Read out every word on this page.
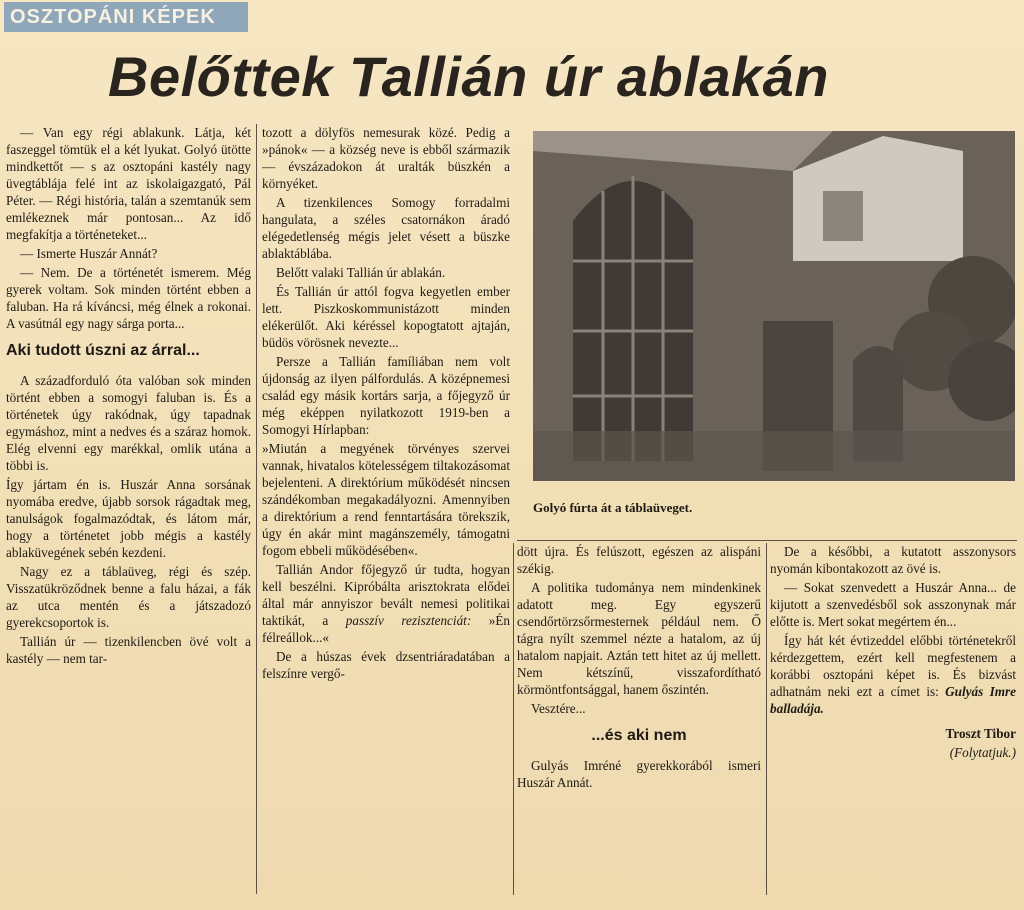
OSZTOPÁNI KÉPEK
Belőttek Tallián úr ablakán

— Van egy régi ablakunk. Látja, két faszeggel tömtük el a két lyukat. Golyó ütötte mindkettőt — s az osztopáni kastély nagy üvegtáblája felé int az iskolaigazgató, Pál Péter. — Régi história, talán a szemtanúk sem emlékeznek már pontosan... Az idő megfakítja a történeteket...

— Ismerte Huszár Annát?

— Nem. De a történetét ismerem. Még gyerek voltam. Sok minden történt ebben a faluban. Ha rá kíváncsi, még élnek a rokonai. A vasútnál egy nagy sárga porta...

Aki tudott úszni az árral...

A századforduló óta valóban sok minden történt ebben a somogyi faluban is. És a történetek úgy rakódnak, úgy tapadnak egymáshoz, mint a nedves és a száraz homok. Elég elvenni egy marékkal, omlik utána a többi is.

Így jártam én is. Huszár Anna sorsának nyomába eredve, újabb sorsok rágadtak meg, tanulságok fogalmazódtak, és látom már, hogy a történetet jobb mégis a kastély ablaküvegének sebén kezdeni.

Nagy ez a táblaüveg, régi és szép. Visszatükröződnek benne a falu házai, a fák az utca mentén és a játszadozó gyerekcsoportok is.

Tallián úr — tizenkilencben övé volt a kastély — nem tar-

tozott a dölyfös nemesurak közé. Pedig a »pánok« — a község neve is ebből származik — évszázadokon át uralták büszkén a környéket.

A tizenkilences Somogy forradalmi hangulata, a széles csatornákon áradó elégedetlenség mégis jelet vésett a büszke ablaktáblába.

Belőtt valaki Tallián úr ablakán.

És Tallián úr attól fogva kegyetlen ember lett. Piszkoskommunistázott minden elékerülőt. Aki kéréssel kopogtatott ajtaján, büdös vörösnek nevezte...

Persze a Tallián famíliában nem volt újdonság az ilyen pálfordulás. A középnemesi család egy másik kortárs sarja, a főjegyző úr még eképpen nyilatkozott 1919-ben a Somogyi Hírlapban:

»Miután a megyének törvényes szervei vannak, hivatalos kötelességem tiltakozásomat bejelenteni. A direktórium működését nincsen szándékomban megakadályozni. Amennyiben a direktórium a rend fenntartására törekszik, úgy én akár mint magánszemély, támogatni fogom ebbeli működésében«.

Tallián Andor főjegyző úr tudta, hogyan kell beszélni. Kipróbálta arisztokrata elődei által már annyiszor bevált nemesi politikai taktikát, a passzív rezisztenciát: »Én félreállok...«

De a húszas évek dzsentriáradatában a felszínre vergő-

Golyó fúrta át a táblaüveget.

dött újra. És felúszott, egészen az alispáni székig.

A politika tudománya nem mindenkinek adatott meg. Egy egyszerű csendőrtörzsőrmesternek például nem. Ő tágra nyílt szemmel nézte a hatalom, az új hatalom napjait. Aztán tett hitet az új mellett. Nem kétszínű, visszafordítható körmöntfontsággal, hanem őszintén.

Vesztére...

...és aki nem

Gulyás Imréné gyerekkorából ismeri Huszár Annát.

De a későbbi, a kutatott asszonysors nyomán kibontakozott az övé is.

— Sokat szenvedett a Huszár Anna... de kijutott a szenvedésből sok asszonynak már előtte is. Mert sokat megértem én...

Így hát két évtizeddel előbbi történetekről kérdezgettem, ezért kell megfestenem a korábbi osztopáni képet is. És bizvást adhatnám neki ezt a címet is: Gulyás Imre balladája.

Troszt Tibor

(Folytatjuk.)
